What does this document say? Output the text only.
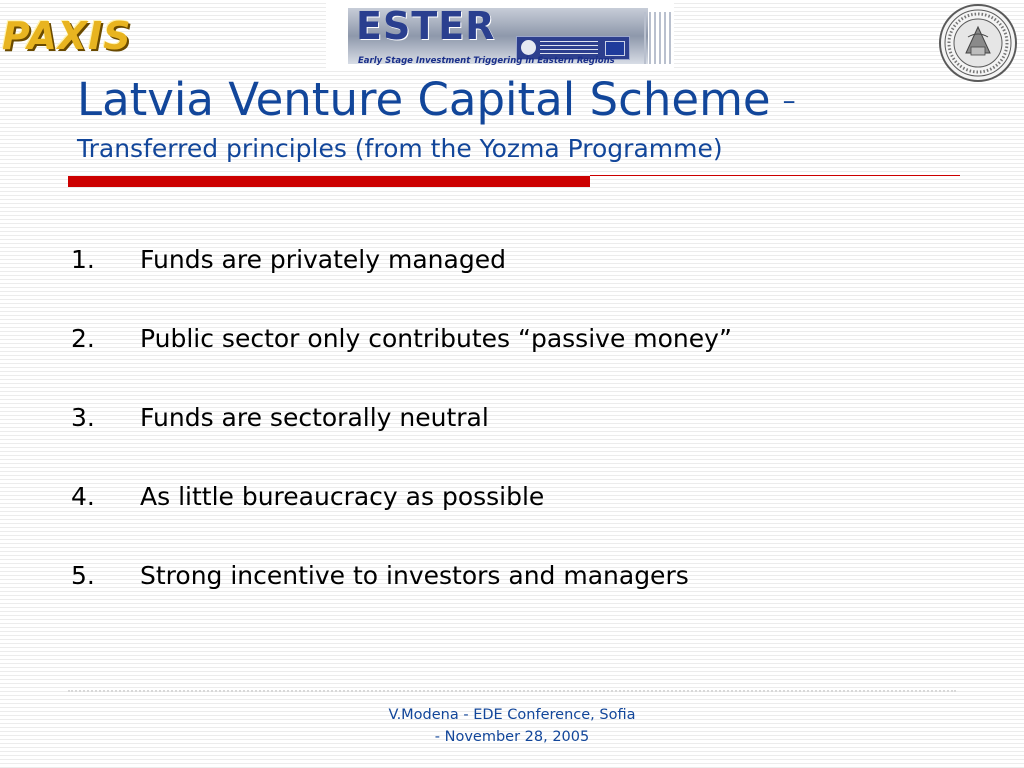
PAXIS	ESTER
Early Stage Investment Triggering in Eastern Regions
Latvia Venture Capital Scheme –
Transferred principles (from the Yozma Programme)
1. Funds are privately managed
2. Public sector only contributes “passive money”
3. Funds are sectorally neutral
4. As little bureaucracy as possible
5. Strong incentive to investors and managers
V.Modena - EDE Conference, Sofia
- November 28, 2005
